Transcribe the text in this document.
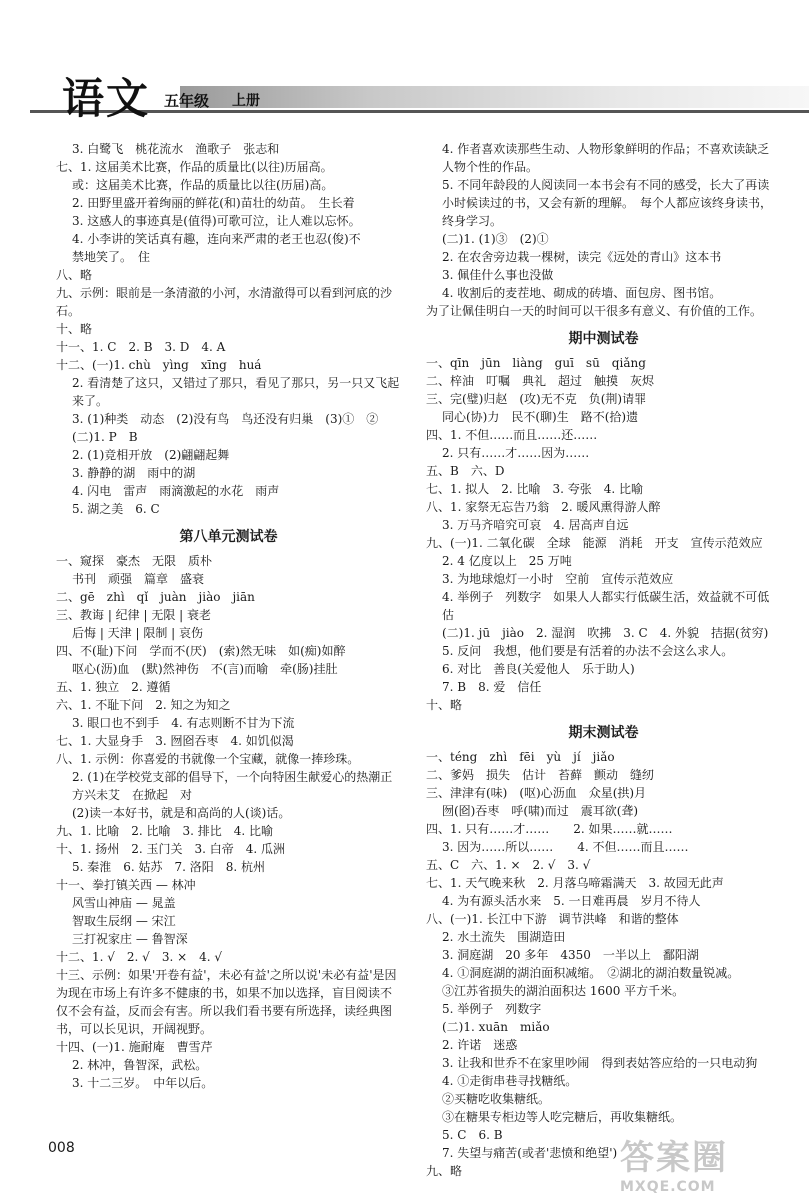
语文 五年级 上册
3. 白鹭飞　桃花流水　渔歌子　张志和
七、1. 这届美术比赛，作品的质量比(以往)历届高。
或：这届美术比赛，作品的质量比以往(历届)高。
2. 田野里盛开着绚丽的鲜花(和)苗壮的幼苗。　生长着
3. 这感人的事迹真是(值得)可歌可泣，让人难以忘怀。
4. 小李讲的笑话真有趣，连向来严肃的老王也忍(俊)不
禁地笑了。　住
八、略
九、示例：眼前是一条清澈的小河，水清澈得可以看到河底的沙石。
十、略
十一、1. C　2. B　3. D　4. A
十二、(一)1. chù　yìng　xīng　huá
2. 看清楚了这只，又错过了那只，看见了那只，另一只又飞起来了。
3. (1)种类　动态　(2)没有鸟　鸟还没有归巢　(3)①　②
(二)1. P　B
2. (1)竞相开放　(2)翩翩起舞
3. 静静的湖　雨中的湖
4. 闪电　雷声　雨滴激起的水花　雨声
5. 湖之美　6. C
第八单元测试卷
一、窥探　豪杰　无限　质朴
书刊　顽强　篇章　盛衰
二、gē　zhì　qǐ　juàn　jiào　jiān
三、教诲 | 纪律 | 无限 | 衰老
后悔 | 天津 | 限制 | 哀伤
四、不(耻)下问　学而不(厌)　(索)然无味　如(痴)如醉
呕心(沥)血　(默)然神伤　不(言)而喻　牵(肠)挂肚
五、1. 独立　2. 遵循
六、1. 不耻下问　2. 知之为知之
3. 眼口也不到手　4. 有志则断不甘为下流
七、1. 大显身手　3. 囫囵吞枣　4. 如饥似渴
八、1. 示例：你喜爱的书就像一个宝藏，就像一捧珍珠。
2. (1)在学校党支部的倡导下，一个向特困生献爱心的热潮正　方兴未艾　在掀起　对
(2)读一本好书，就是和高尚的人(谈)话。
九、1. 比喻　2. 比喻　3. 排比　4. 比喻
十、1. 扬州　2. 玉门关　3. 白帝　4. 瓜洲
5. 秦淮　6. 姑苏　7. 洛阳　8. 杭州
十一、拳打镇关西 — 林冲
风雪山神庙 — 晁盖
智取生辰纲 — 宋江
三打祝家庄 — 鲁智深
十二、1. √　2. √　3. ×　4. √
十三、示例：如果'开卷有益'，未必有益'之所以说'未必有益'是因为现在市场上有许多不健康的书，如果不加以选择，盲目阅读不仅不会有益，反而会有害。所以我们看书要有所选择，读经典图书，可以长见识，开阔视野。
十四、(一)1. 施耐庵　曹雪芹
2. 林冲，鲁智深，武松。
3. 十二三岁。　中年以后。
4. 作者喜欢读那些生动、人物形象鲜明的作品；不喜欢读缺乏人物个性的作品。
5. 不同年龄段的人阅读同一本书会有不同的感受，长大了再读小时候读过的书，又会有新的理解。　每个人都应该终身读书，终身学习。
(二)1. (1)③　(2)①
2. 在农舍旁边栽一棵树，读完《远处的青山》这本书
3. 佩佳什么事也没做
4. 收割后的麦茬地、砌成的砖墙、面包房、图书馆。
为了让佩佳明白一天的时间可以干很多有意义、有价值的工作。
期中测试卷
一、qīn　jūn　liàng　guī　sū　qiǎng
二、梓油　叮嘱　典礼　超过　触摸　灰烬
三、完(璧)归赵　(攻)无不克　负(荆)请罪
同心(协)力　民不(聊)生　路不(拾)遗
四、1. 不但……而且……还……
2. 只有……才……因为……
五、B　六、D
七、1. 拟人　2. 比喻　3. 夸张　4. 比喻
八、1. 家祭无忘告乃翁　2. 暖风熏得游人醉
3. 万马齐喑究可哀　4. 居高声自远
九、(一)1. 二氧化碳　全球　能源　消耗　开支　宣传示范效应
2. 4 亿度以上　25 万吨
3. 为地球熄灯一小时　空前　宣传示范效应
4. 举例子　列数字　如果人人都实行低碳生活，效益就不可低估
(二)1. jū　jiào　2. 湿润　吹拂　3. C　4. 外貌　拮据(贫穷)
5. 反问　我想，他们要是有活着的办法不会这么求人。
6. 对比　善良(关爱他人　乐于助人)
7. B　8. 爱　信任
十、略
期末测试卷
一、téng　zhì　fēi　yù　jí　jiǎo
二、爹妈　损失　估计　苔藓　颤动　缝纫
三、津津有(味)　(呕)心沥血　众星(拱)月
囫(囵)吞枣　呼(啸)而过　震耳欲(聋)
四、1. 只有……才……　　2. 如果……就……
3. 因为……所以……　　4. 不但……而且……
五、C　六、1. ×　2. √　3. √
七、1. 天气晚来秋　2. 月落乌啼霜满天　3. 故园无此声
4. 为有源头活水来　5. 一日难再晨　岁月不待人
八、(一)1. 长江中下游　调节洪峰　和谐的整体
2. 水土流失　围湖造田
3. 洞庭湖　20 多年　4350　一半以上　鄱阳湖
4. ①洞庭湖的湖泊面积减缩。　②湖北的湖泊数量锐减。
③江苏省损失的湖泊面积达 1600 平方千米。
5. 举例子　列数字
(二)1. xuān　miǎo
2. 许诺　迷惑
3. 让我和世乔不在家里吵闹　得到表姑答应给的一只电动狗
4. ①走街串巷寻找糖纸。
②买糖吃收集糖纸。
③在糖果专柜边等人吃完糖后，再收集糖纸。
5. C　6. B
7. 失望与痛苦(或者'悲愤和绝望')
九、略
008	答案圈
MXQE.COM
